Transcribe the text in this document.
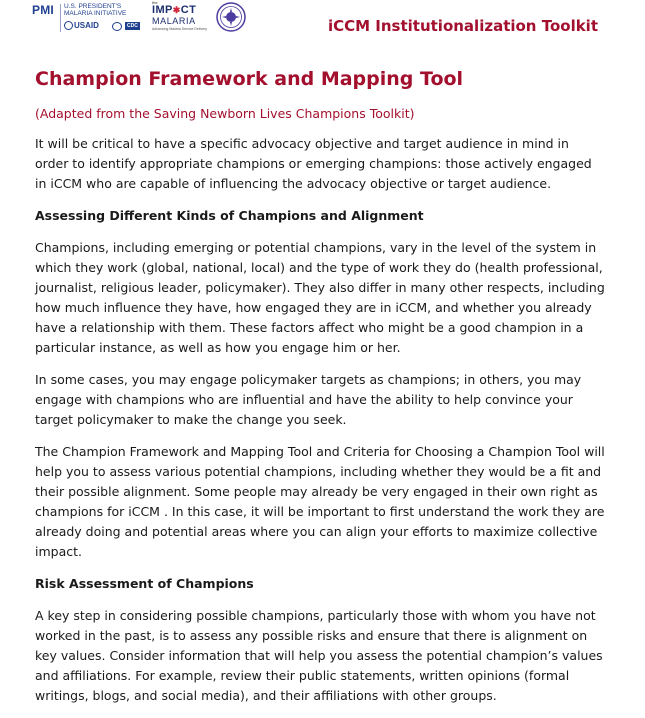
PMI U.S. PRESIDENT'S
MALARIA INITIATIVE
USAID	CDC
the
IMP✱CT
MALARIA
Advancing Malaria Service Delivery	iCCM Institutionalization Toolkit
Champion Framework and Mapping Tool

(Adapted from the Saving Newborn Lives Champions Toolkit)

It will be critical to have a specific advocacy objective and target audience in mind in order to identify appropriate champions or emerging champions: those actively engaged in iCCM who are capable of influencing the advocacy objective or target audience.

Assessing Different Kinds of Champions and Alignment

Champions, including emerging or potential champions, vary in the level of the system in which they work (global, national, local) and the type of work they do (health professional, journalist, religious leader, policymaker). They also differ in many other respects, including how much influence they have, how engaged they are in iCCM, and whether you already have a relationship with them. These factors affect who might be a good champion in a particular instance, as well as how you engage him or her.

In some cases, you may engage policymaker targets as champions; in others, you may engage with champions who are influential and have the ability to help convince your target policymaker to make the change you seek.

The Champion Framework and Mapping Tool and Criteria for Choosing a Champion Tool will help you to assess various potential champions, including whether they would be a fit and their possible alignment. Some people may already be very engaged in their own right as champions for iCCM . In this case, it will be important to first understand the work they are already doing and potential areas where you can align your efforts to maximize collective impact.

Risk Assessment of Champions

A key step in considering possible champions, particularly those with whom you have not worked in the past, is to assess any possible risks and ensure that there is alignment on key values. Consider information that will help you assess the potential champion’s values and affiliations. For example, review their public statements, written opinions (formal writings, blogs, and social media), and their affiliations with other groups.
